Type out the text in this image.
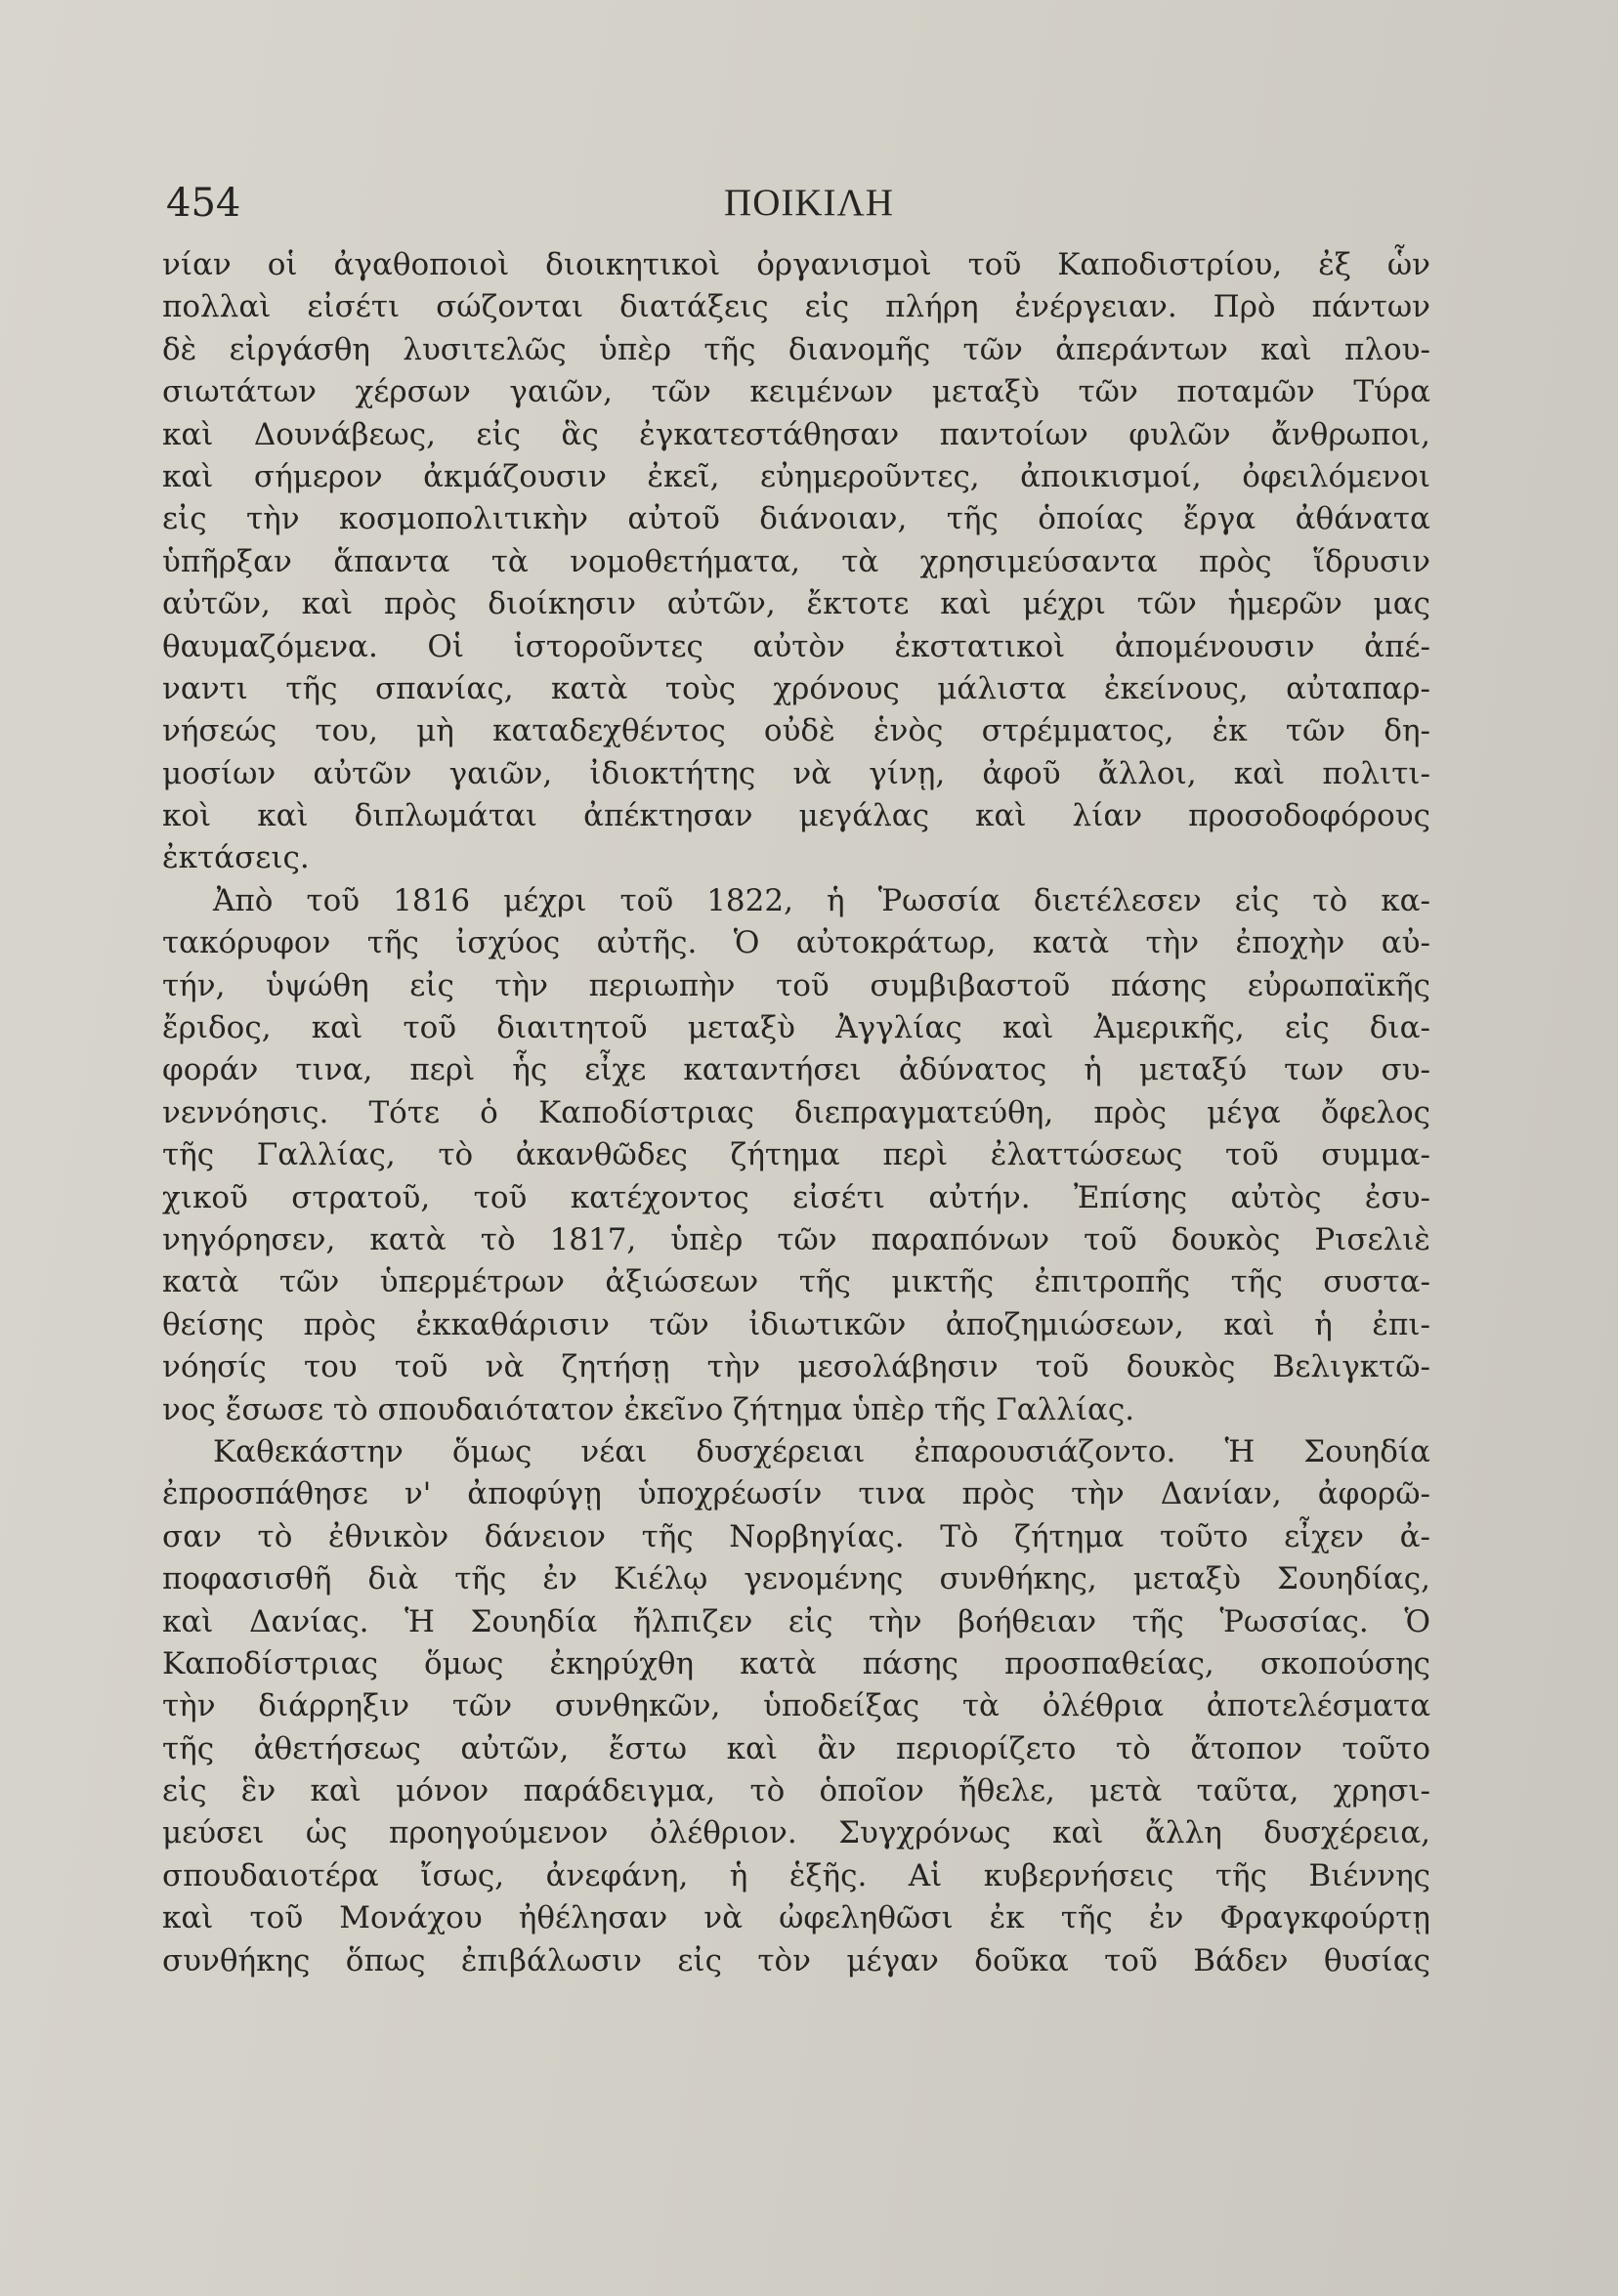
454	ΠΟΙΚΙΛΗ
νίαν οἱ ἀγαθοποιοὶ διοικητικοὶ ὀργανισμοὶ τοῦ Καποδιστρίου, ἐξ ὧν
πολλαὶ εἰσέτι σώζονται διατάξεις εἰς πλήρη ἐνέργειαν. Πρὸ πάντων
δὲ εἰργάσθη λυσιτελῶς ὑπὲρ τῆς διανομῆς τῶν ἀπεράντων καὶ πλου-
σιωτάτων χέρσων γαιῶν, τῶν κειμένων μεταξὺ τῶν ποταμῶν Τύρα
καὶ Δουνάβεως, εἰς ἃς ἐγκατεστάθησαν παντοίων φυλῶν ἄνθρωποι,
καὶ σήμερον ἀκμάζουσιν ἐκεῖ, εὐημεροῦντες, ἀποικισμοί, ὀφειλόμενοι
εἰς τὴν κοσμοπολιτικὴν αὐτοῦ διάνοιαν, τῆς ὁποίας ἔργα ἀθάνατα
ὑπῆρξαν ἅπαντα τὰ νομοθετήματα, τὰ χρησιμεύσαντα πρὸς ἵδρυσιν
αὐτῶν, καὶ πρὸς διοίκησιν αὐτῶν, ἔκτοτε καὶ μέχρι τῶν ἡμερῶν μας
θαυμαζόμενα. Οἱ ἱστοροῦντες αὐτὸν ἐκστατικοὶ ἀπομένουσιν ἀπέ-
ναντι τῆς σπανίας, κατὰ τοὺς χρόνους μάλιστα ἐκείνους, αὐταπαρ-
νήσεώς του, μὴ καταδεχθέντος οὐδὲ ἑνὸς στρέμματος, ἐκ τῶν δη-
μοσίων αὐτῶν γαιῶν, ἰδιοκτήτης νὰ γίνῃ, ἀφοῦ ἄλλοι, καὶ πολιτι-
κοὶ καὶ διπλωμάται ἀπέκτησαν μεγάλας καὶ λίαν προσοδοφόρους
ἐκτάσεις.
Ἀπὸ τοῦ 1816 μέχρι τοῦ 1822, ἡ Ῥωσσία διετέλεσεν εἰς τὸ κα-
τακόρυφον τῆς ἰσχύος αὐτῆς. Ὁ αὐτοκράτωρ, κατὰ τὴν ἐποχὴν αὐ-
τήν, ὑψώθη εἰς τὴν περιωπὴν τοῦ συμβιβαστοῦ πάσης εὐρωπαϊκῆς
ἔριδος, καὶ τοῦ διαιτητοῦ μεταξὺ Ἀγγλίας καὶ Ἀμερικῆς, εἰς δια-
φοράν τινα, περὶ ἧς εἶχε καταντήσει ἀδύνατος ἡ μεταξύ των συ-
νεννόησις. Τότε ὁ Καποδίστριας διεπραγματεύθη, πρὸς μέγα ὄφελος
τῆς Γαλλίας, τὸ ἀκανθῶδες ζήτημα περὶ ἐλαττώσεως τοῦ συμμα-
χικοῦ στρατοῦ, τοῦ κατέχοντος εἰσέτι αὐτήν. Ἐπίσης αὐτὸς ἐσυ-
νηγόρησεν, κατὰ τὸ 1817, ὑπὲρ τῶν παραπόνων τοῦ δουκὸς Ρισελιὲ
κατὰ τῶν ὑπερμέτρων ἀξιώσεων τῆς μικτῆς ἐπιτροπῆς τῆς συστα-
θείσης πρὸς ἐκκαθάρισιν τῶν ἰδιωτικῶν ἀποζημιώσεων, καὶ ἡ ἐπι-
νόησίς του τοῦ νὰ ζητήσῃ τὴν μεσολάβησιν τοῦ δουκὸς Βελιγκτῶ-
νος ἔσωσε τὸ σπουδαιότατον ἐκεῖνο ζήτημα ὑπὲρ τῆς Γαλλίας.
Καθεκάστην ὅμως νέαι δυσχέρειαι ἐπαρουσιάζοντο. Ἡ Σουηδία
ἐπροσπάθησε ν' ἀποφύγῃ ὑποχρέωσίν τινα πρὸς τὴν Δανίαν, ἀφορῶ-
σαν τὸ ἐθνικὸν δάνειον τῆς Νορβηγίας. Τὸ ζήτημα τοῦτο εἶχεν ἀ-
ποφασισθῆ διὰ τῆς ἐν Κιέλῳ γενομένης συνθήκης, μεταξὺ Σουηδίας,
καὶ Δανίας. Ἡ Σουηδία ἤλπιζεν εἰς τὴν βοήθειαν τῆς Ῥωσσίας. Ὁ
Καποδίστριας ὅμως ἐκηρύχθη κατὰ πάσης προσπαθείας, σκοπούσης
τὴν διάρρηξιν τῶν συνθηκῶν, ὑποδείξας τὰ ὀλέθρια ἀποτελέσματα
τῆς ἀθετήσεως αὐτῶν, ἔστω καὶ ἂν περιορίζετο τὸ ἄτοπον τοῦτο
εἰς ἓν καὶ μόνον παράδειγμα, τὸ ὁποῖον ἤθελε, μετὰ ταῦτα, χρησι-
μεύσει ὡς προηγούμενον ὀλέθριον. Συγχρόνως καὶ ἄλλη δυσχέρεια,
σπουδαιοτέρα ἴσως, ἀνεφάνη, ἡ ἑξῆς. Αἱ κυβερνήσεις τῆς Βιέννης
καὶ τοῦ Μονάχου ἠθέλησαν νὰ ὠφεληθῶσι ἐκ τῆς ἐν Φραγκφούρτῃ
συνθήκης ὅπως ἐπιβάλωσιν εἰς τὸν μέγαν δοῦκα τοῦ Βάδεν θυσίας
